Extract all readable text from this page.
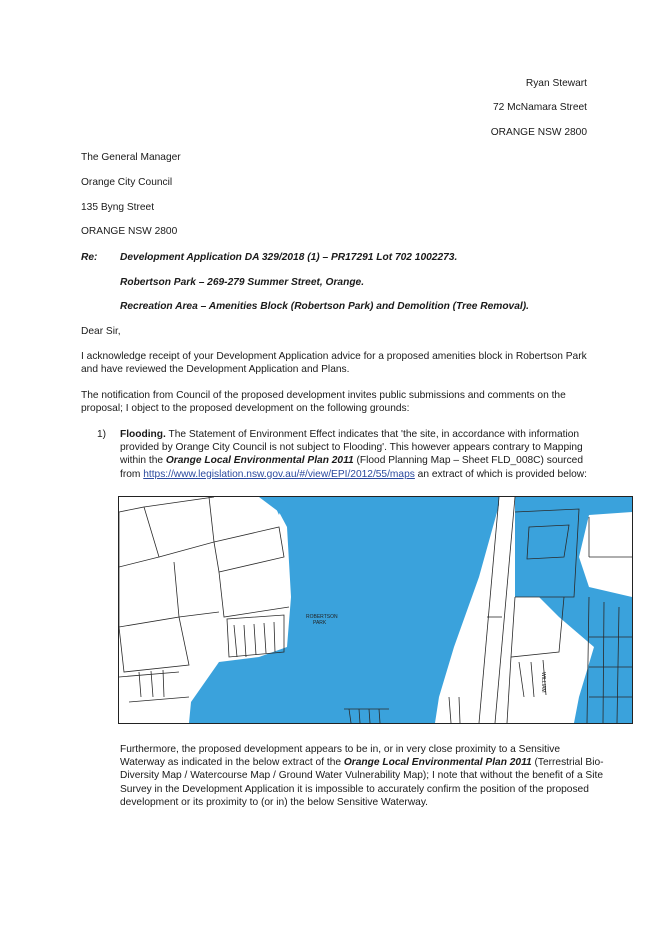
Ryan Stewart
72 McNamara Street
ORANGE NSW 2800
The General Manager
Orange City Council
135 Byng Street
ORANGE NSW 2800
Re: Development Application DA 329/2018 (1) – PR17291 Lot 702 1002273.
Robertson Park – 269-279 Summer Street, Orange.
Recreation Area – Amenities Block (Robertson Park) and Demolition (Tree Removal).
Dear Sir,
I acknowledge receipt of your Development Application advice for a proposed amenities block in Robertson Park and have reviewed the Development Application and Plans.
The notification from Council of the proposed development invites public submissions and comments on the proposal; I object to the proposed development on the following grounds:
1) Flooding. The Statement of Environment Effect indicates that 'the site, in accordance with information provided by Orange City Council is not subject to Flooding'. This however appears contrary to Mapping within the Orange Local Environmental Plan 2011 (Flood Planning Map – Sheet FLD_008C) sourced from https://www.legislation.nsw.gov.au/#/view/EPI/2012/55/maps an extract of which is provided below:
ROBERTSON
PARK
WILLIAM
Furthermore, the proposed development appears to be in, or in very close proximity to a Sensitive Waterway as indicated in the below extract of the Orange Local Environmental Plan 2011 (Terrestrial Bio-Diversity Map / Watercourse Map / Ground Water Vulnerability Map); I note that without the benefit of a Site Survey in the Development Application it is impossible to accurately confirm the position of the proposed development or its proximity to (or in) the below Sensitive Waterway.
